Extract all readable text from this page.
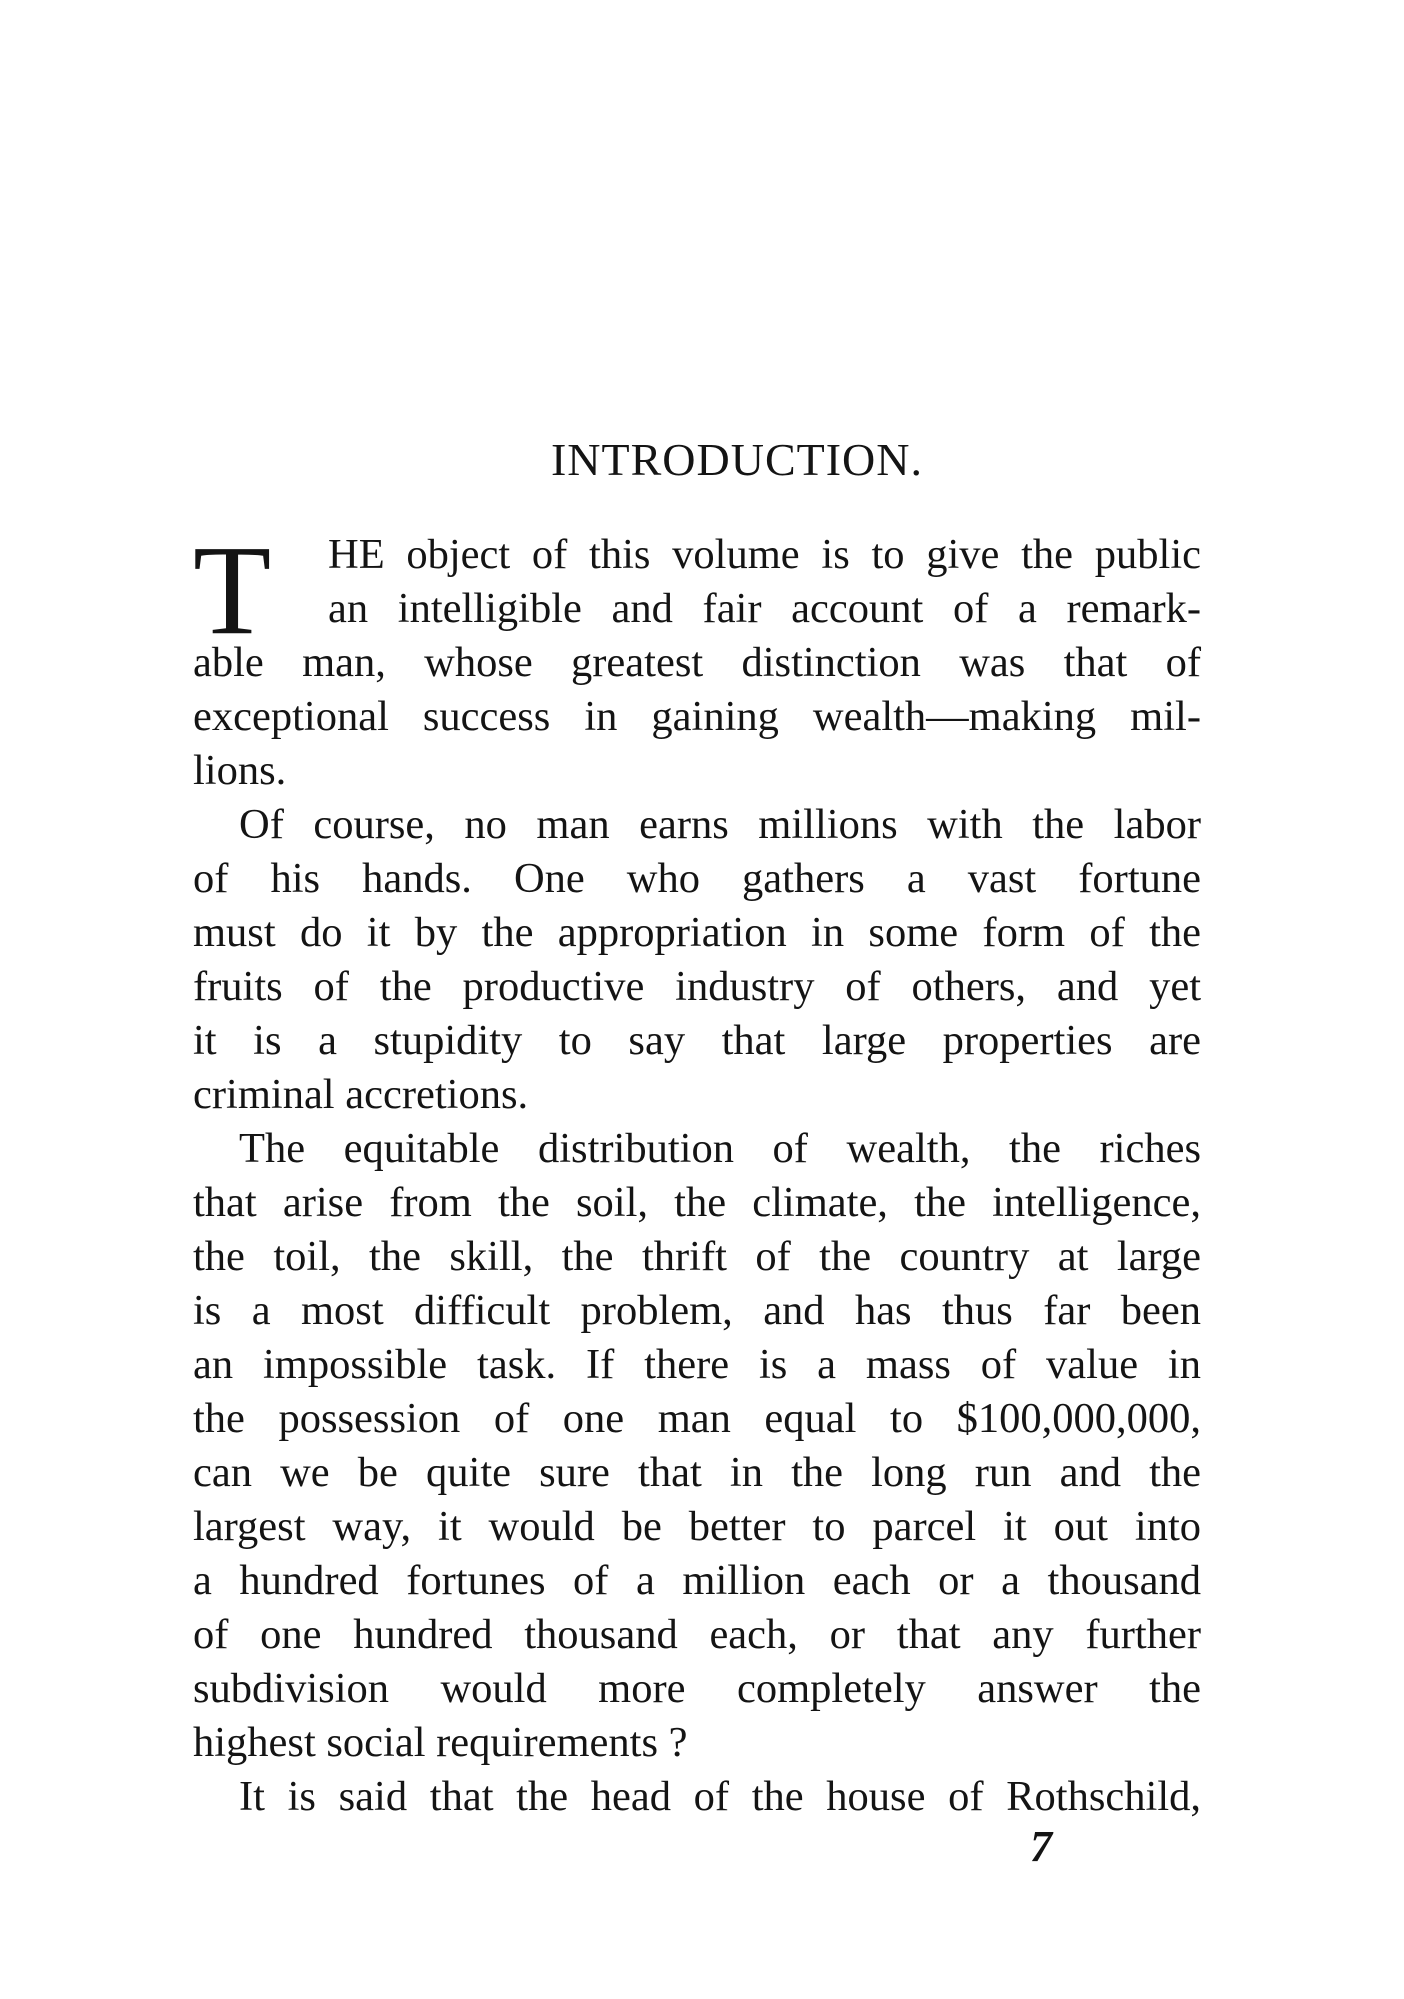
INTRODUCTION.
T	HE object of this volume is to give the public
an intelligible and fair account of a remark-
able man, whose greatest distinction was that of
exceptional success in gaining wealth—making mil-
lions.
Of course, no man earns millions with the labor
of his hands. One who gathers a vast fortune
must do it by the appropriation in some form of the
fruits of the productive industry of others, and yet
it is a stupidity to say that large properties are
criminal accretions.
The equitable distribution of wealth, the riches
that arise from the soil, the climate, the intelligence,
the toil, the skill, the thrift of the country at large
is a most difficult problem, and has thus far been
an impossible task. If there is a mass of value in
the possession of one man equal to $100,000,000,
can we be quite sure that in the long run and the
largest way, it would be better to parcel it out into
a hundred fortunes of a million each or a thousand
of one hundred thousand each, or that any further
subdivision would more completely answer the
highest social requirements ?
It is said that the head of the house of Rothschild,
7
